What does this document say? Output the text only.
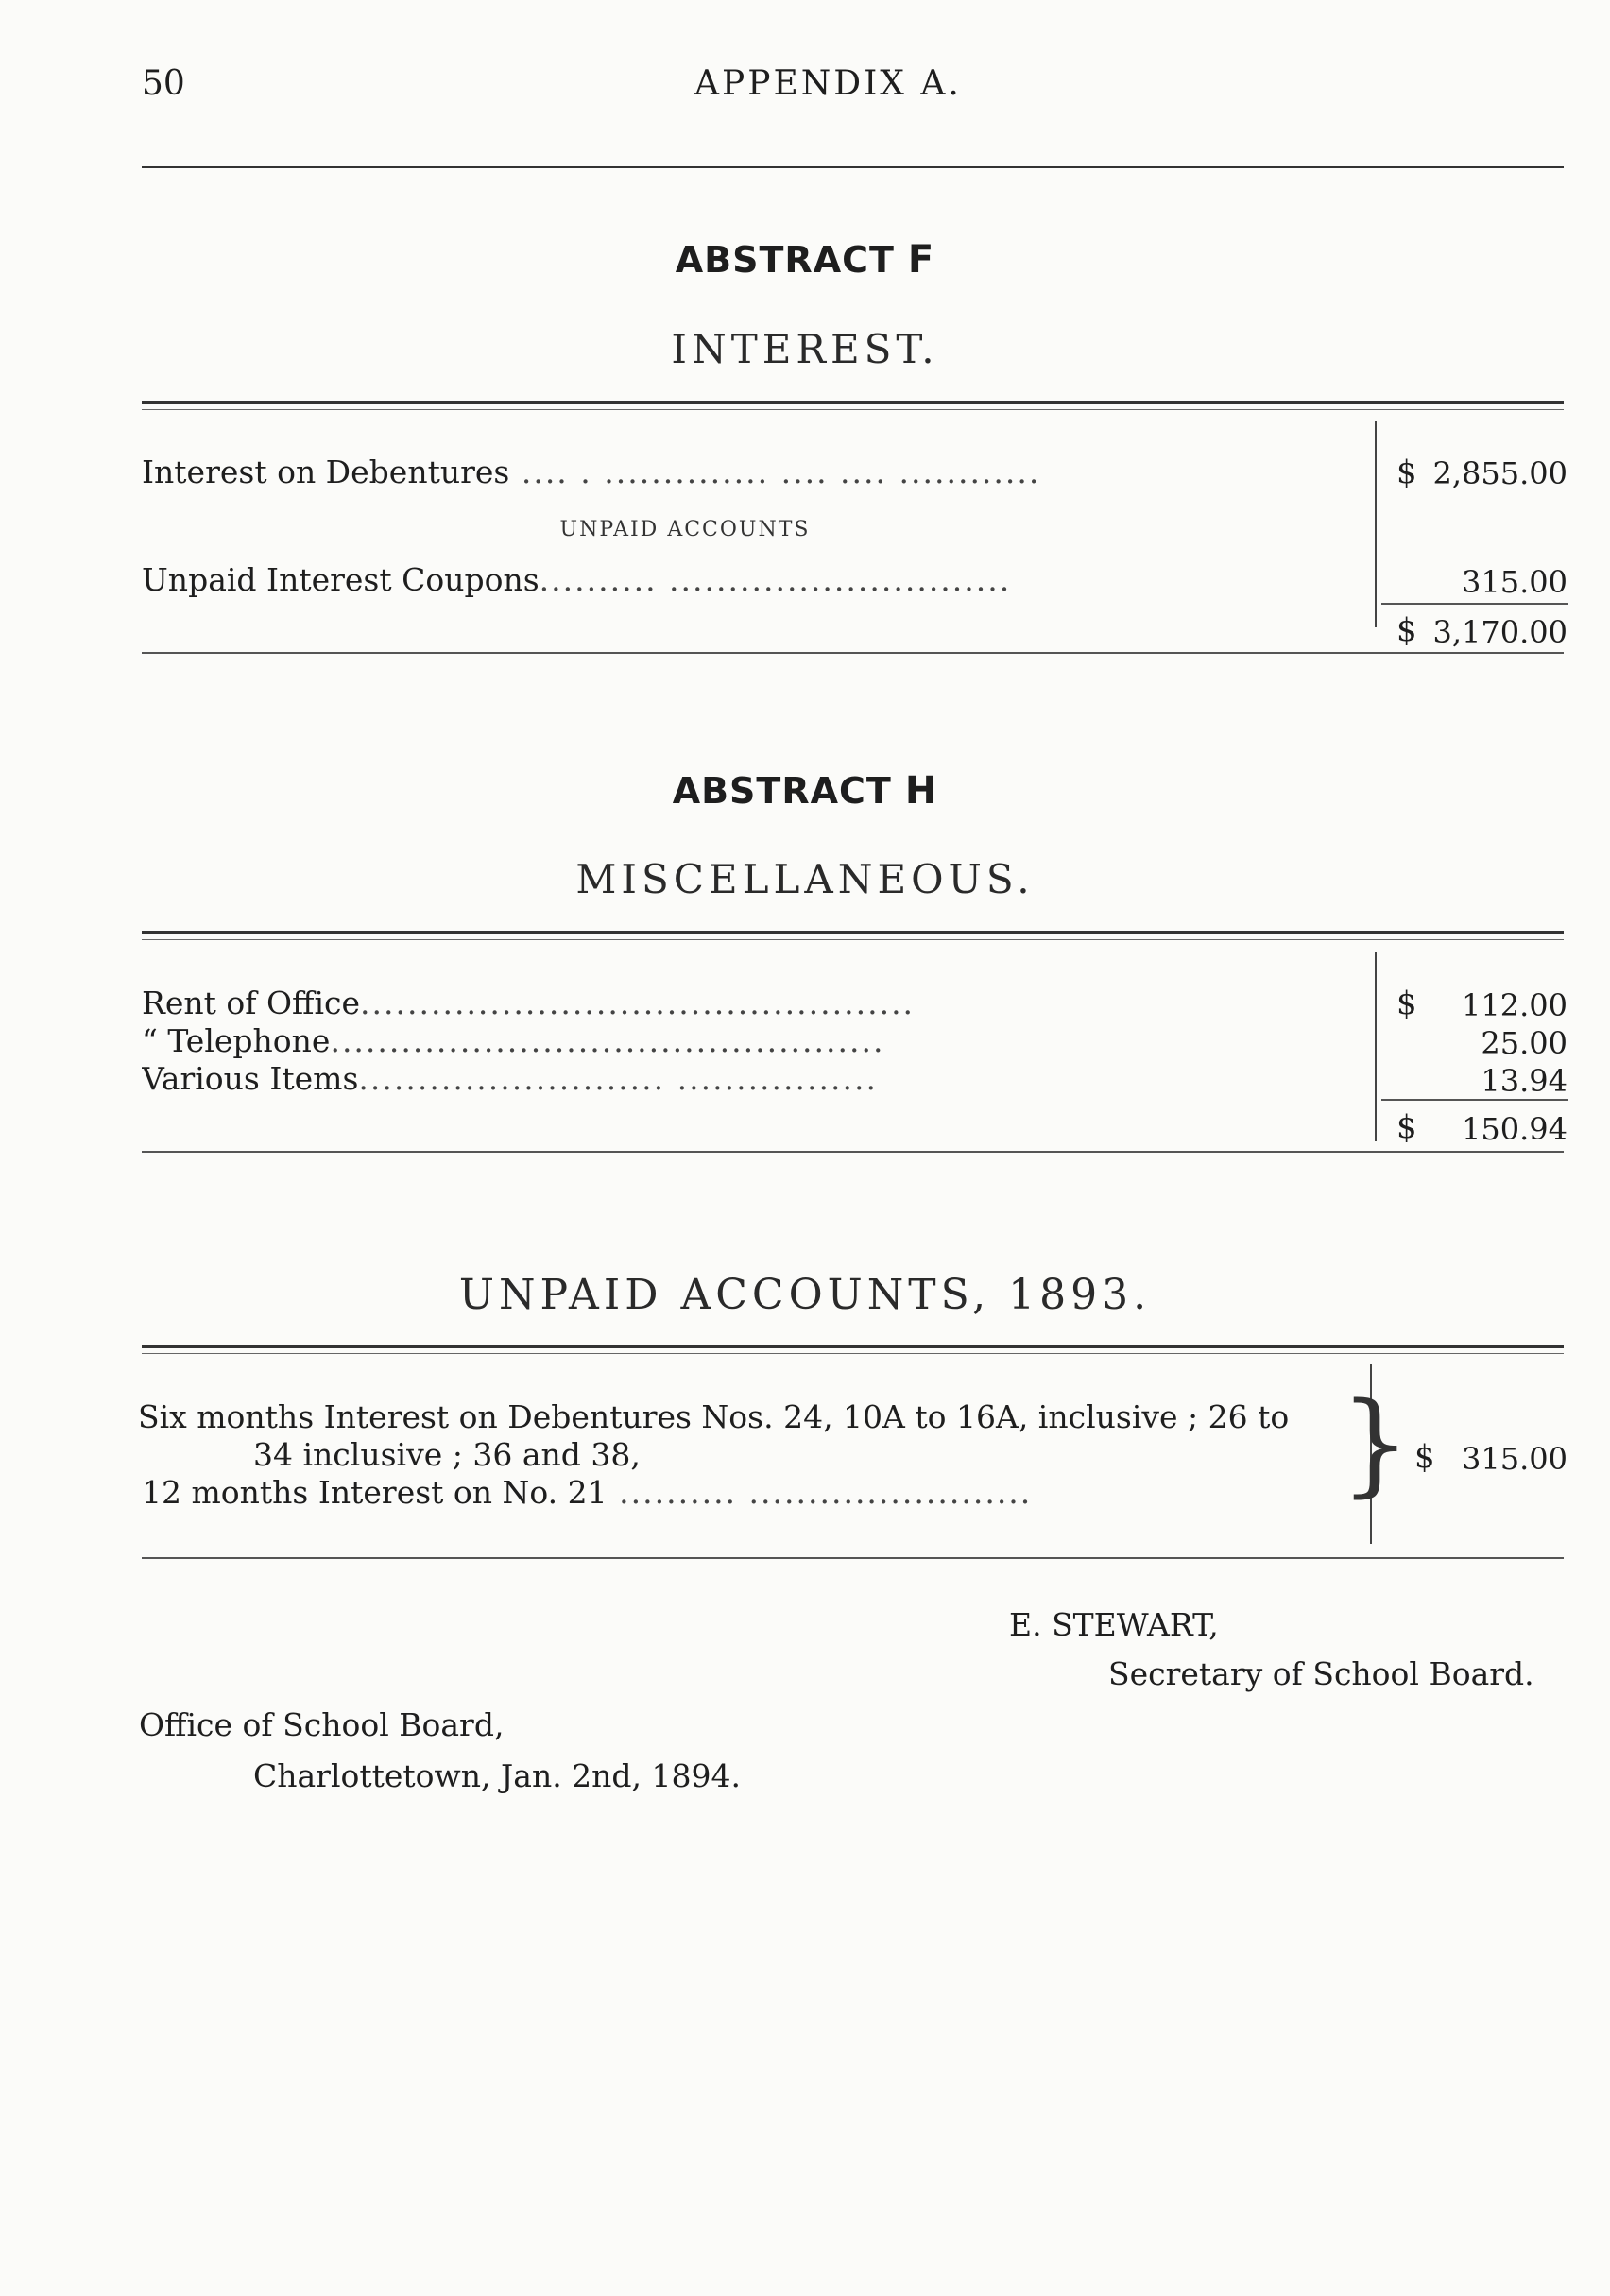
50	APPENDIX A.
ABSTRACT F
INTEREST.
Interest on Debentures .... . .............. .... .... ............	$ 2,855.00
UNPAID ACCOUNTS
Unpaid Interest Coupons.......... .............................	315.00
$ 3,170.00
ABSTRACT H
MISCELLANEOUS.
Rent of Office...............................................	$ 112.00
“ Telephone...............................................	25.00
Various Items.......................... .................	13.94
$ 150.94
UNPAID ACCOUNTS, 1893.
Six months Interest on Debentures Nos. 24, 10A to 16A, inclusive ; 26 to
34 inclusive ; 36 and 38,
12 months Interest on No. 21 .......... ........................	} $ 315.00
E. STEWART,
Secretary of School Board.
Office of School Board,
Charlottetown, Jan. 2nd, 1894.
